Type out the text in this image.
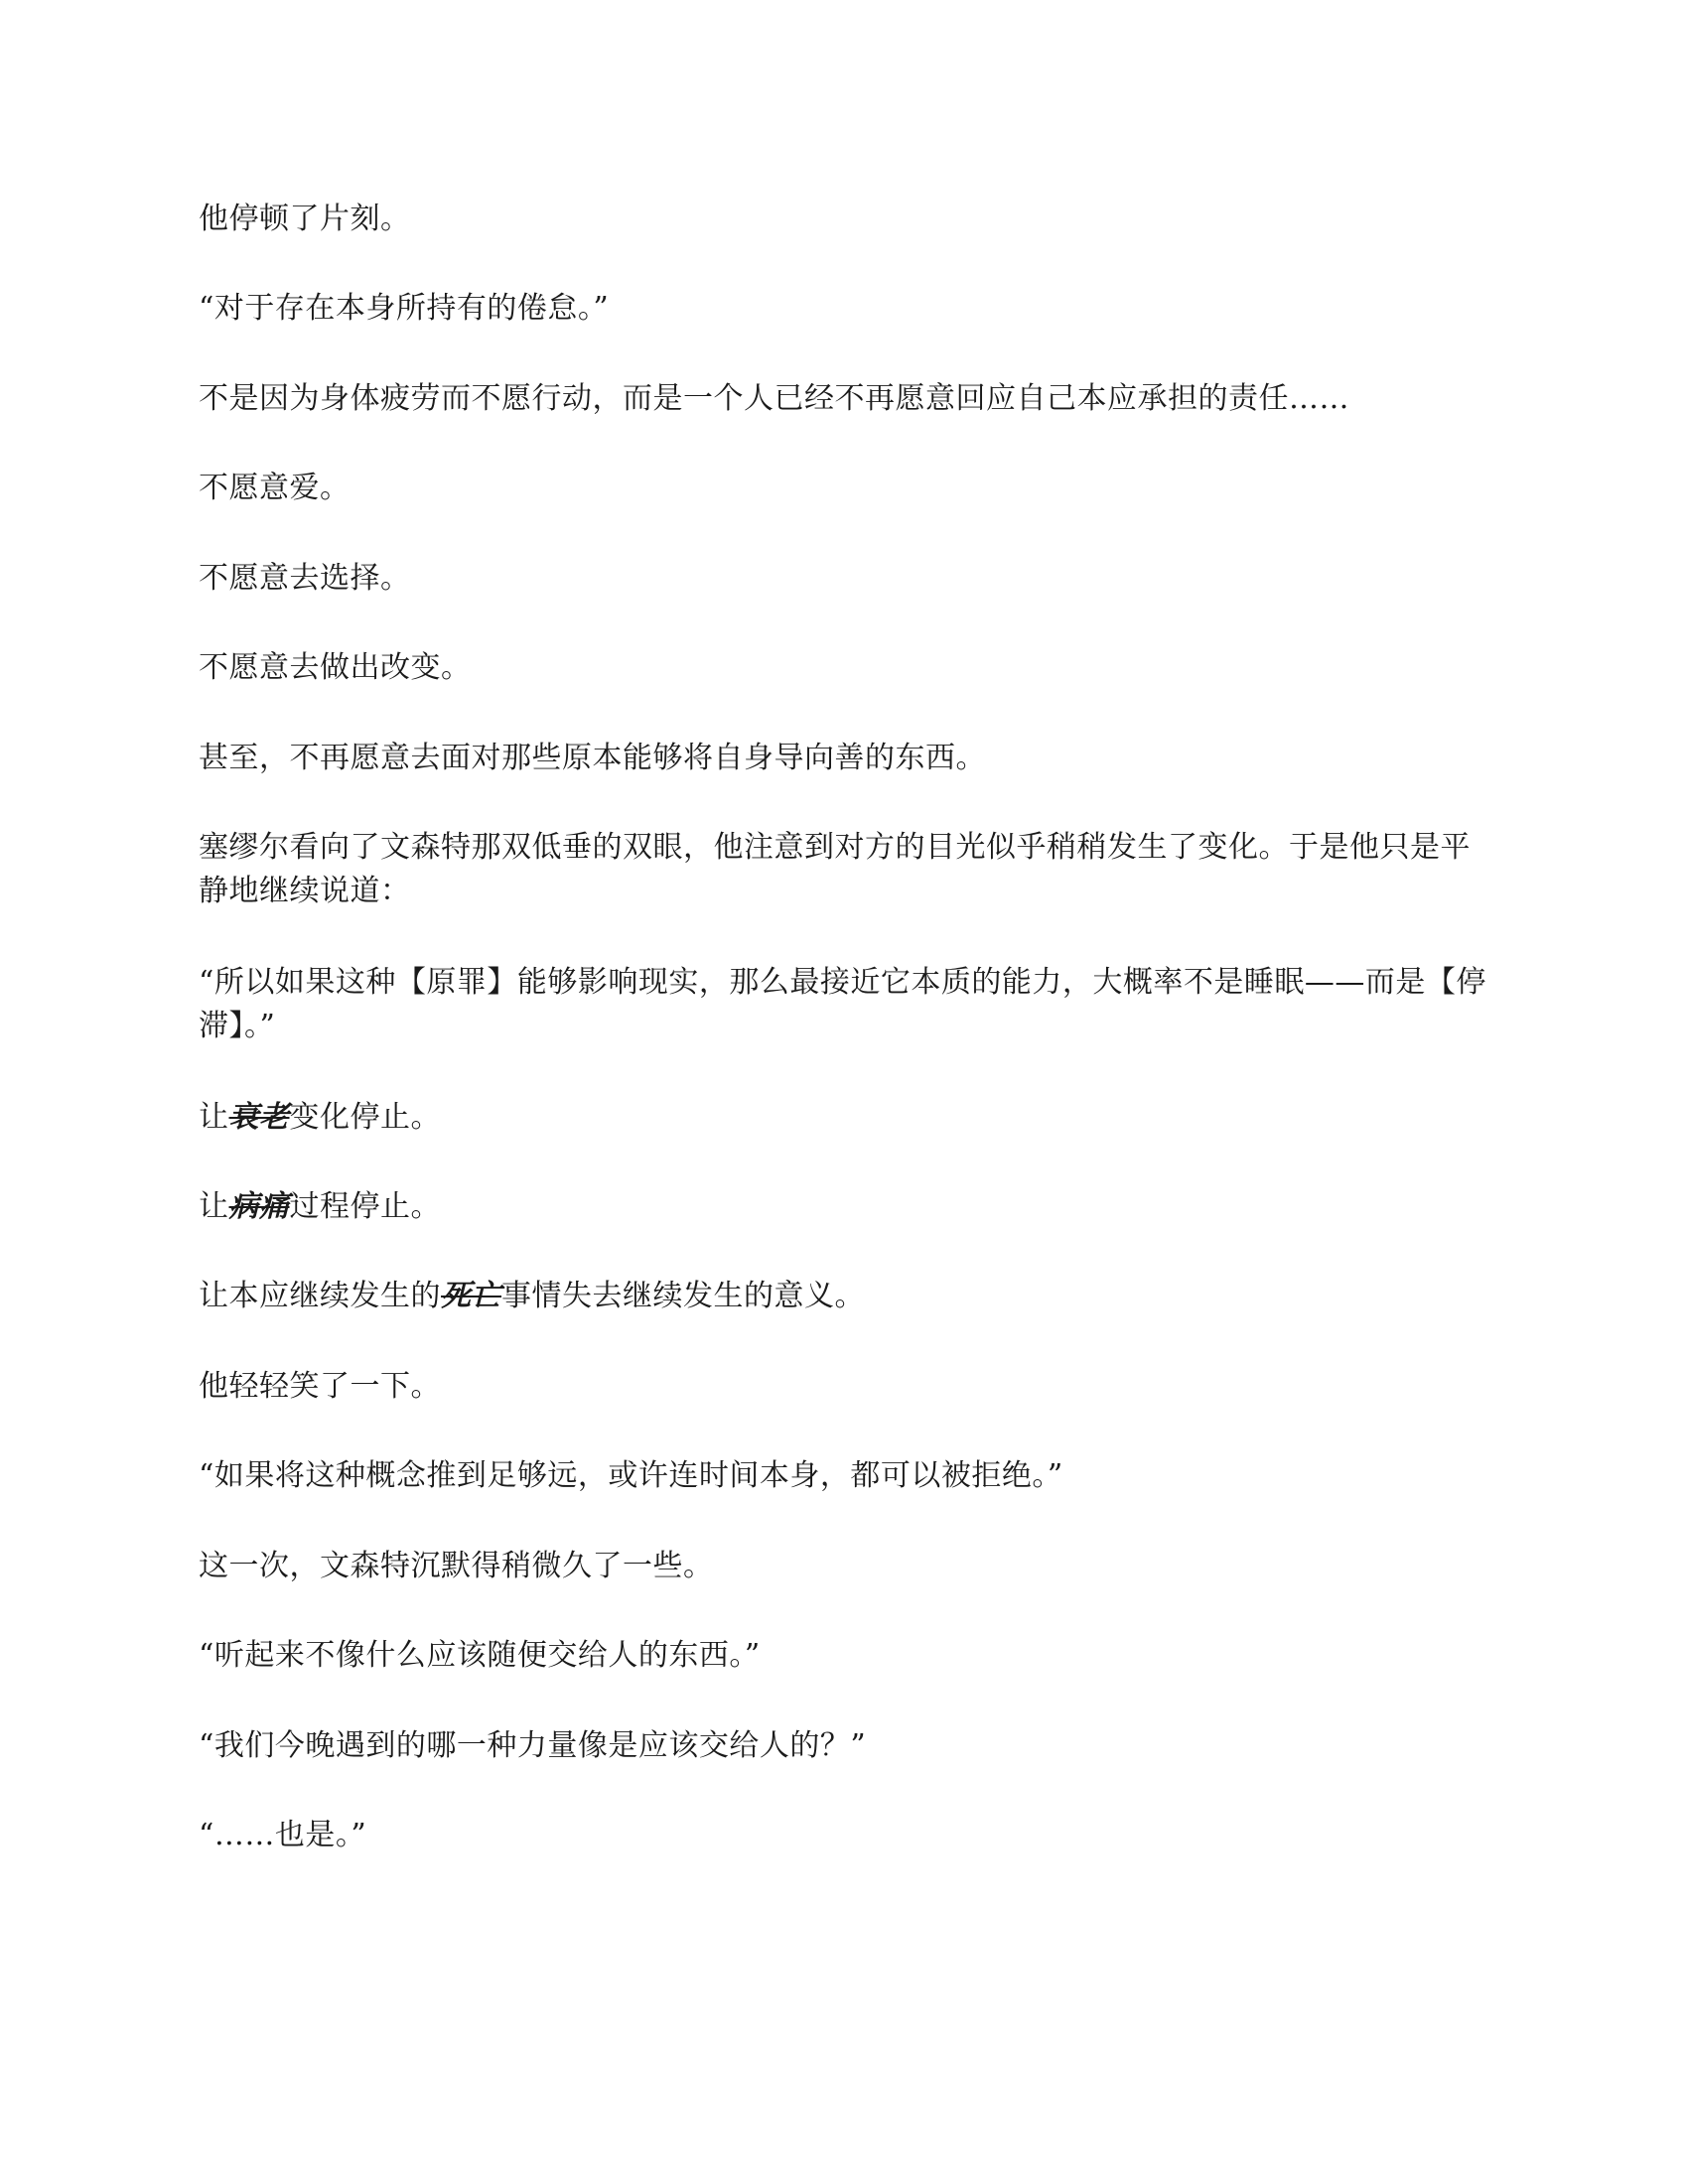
他停顿了片刻。

“对于存在本身所持有的倦怠。”

不是因为身体疲劳而不愿行动，而是一个人已经不再愿意回应自己本应承担的责任……

不愿意爱。

不愿意去选择。

不愿意去做出改变。

甚至，不再愿意去面对那些原本能够将自身导向善的东西。

塞缪尔看向了文森特那双低垂的双眼，他注意到对方的目光似乎稍稍发生了变化。于是他只是平静地继续说道：

“所以如果这种【原罪】能够影响现实，那么最接近它本质的能力，大概率不是睡眠——而是【停滞】。”

让衰老变化停止。

让病痛过程停止。

让本应继续发生的死亡事情失去继续发生的意义。

他轻轻笑了一下。

“如果将这种概念推到足够远，或许连时间本身，都可以被拒绝。”

这一次，文森特沉默得稍微久了一些。

“听起来不像什么应该随便交给人的东西。”

“我们今晚遇到的哪一种力量像是应该交给人的？”

“……也是。”
